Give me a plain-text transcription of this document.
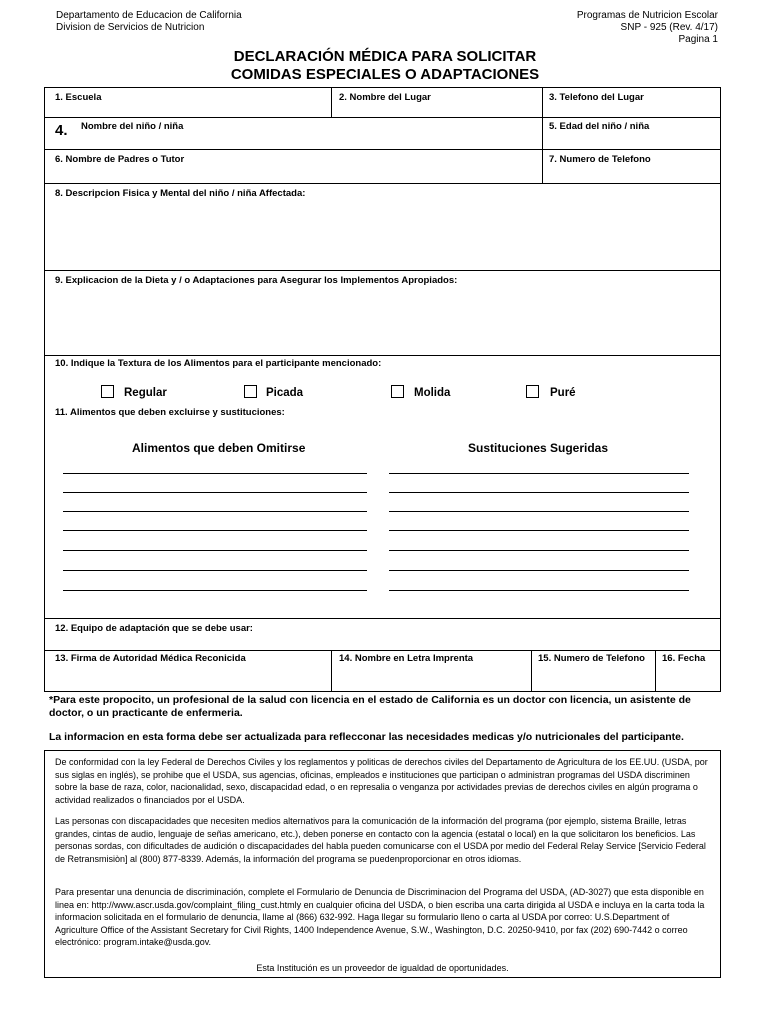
Departamento de Educacion de California
Division de Servicios de Nutricion
Programas de Nutricion Escolar
SNP - 925 (Rev. 4/17)
Pagina 1
DECLARACIÓN MÉDICA PARA SOLICITAR
COMIDAS ESPECIALES O ADAPTACIONES
1. Escuela	2. Nombre del Lugar	3. Telefono del Lugar
4. Nombre del niño / niña	5. Edad del niño / niña
6. Nombre de Padres o Tutor	7. Numero de Telefono
8. Descripcion Fisica y Mental del niño / niña Affectada:
9. Explicacion de la Dieta y / o Adaptaciones para Asegurar los Implementos Apropiados:
10. Indique la Textura de los Alimentos para el participante mencionado:
Regular	Picada	Molida	Puré
11. Alimentos que deben excluirse y sustituciones:
Alimentos que deben Omitirse	Sustituciones Sugeridas
12. Equipo de adaptación que se debe usar:
13. Firma de Autoridad Médica Reconicida	14. Nombre en Letra Imprenta	15. Numero de Telefono 16. Fecha
*Para este propocito, un profesional de la salud con licencia en el estado de California es un doctor con licencia, un asistente de doctor, o un practicante de enfermeria.
La informacion en esta forma debe ser actualizada para reflecconar las necesidades medicas y/o nutricionales del participante.
De conformidad con la ley Federal de Derechos Civiles y los reglamentos y politicas de derechos civiles del Departamento de Agricultura de los EE.UU. (USDA, por sus siglas en inglés), se prohibe que el USDA, sus agencias, oficinas, empleados e instituciones que participan o administran programas del USDA discriminen sobre la base de raza, color, nacionalidad, sexo, discapacidad edad, o en represalia o venganza por actividades previas de derechos civiles en algún programa o actividad realizados o financiados por el USDA.
Las personas con discapacidades que necesiten medios alternativos para la comunicación de la información del programa (por ejemplo, sistema Braille, letras grandes, cintas de audio, lenguaje de señas americano, etc.), deben ponerse en contacto con la agencia (estatal o local) en la que solicitaron los beneficios. Las personas sordas, con dificultades de audición o discapacidades del habla pueden comunicarse con el USDA por medio del Federal Relay Service [Servicio Federal de Retransmisiòn] al (800) 877-8339. Además, la información del programa se puedenproporcionar en otros idiomas.
Para presentar una denuncia de discriminación, complete el Formulario de Denuncia de Discriminacion del Programa del USDA, (AD-3027) que esta disponible en linea en: http://www.ascr.usda.gov/complaint_filing_cust.htmly en cualquier oficina del USDA, o bien escriba una carta dirigida al USDA e incluya en la carta toda la informacion solicitada en el formulario de denuncia, llame al (866) 632-992. Haga llegar su formulario lleno o carta al USDA por correo: U.S.Department of Agriculture Office of the Assistant Secretary for Civil Rights, 1400 Independence Avenue, S.W., Washington, D.C. 20250-9410, por fax (202) 690-7442 o correo electrónico: program.intake@usda.gov.
Esta Institución es un proveedor de igualdad de oportunidades.
